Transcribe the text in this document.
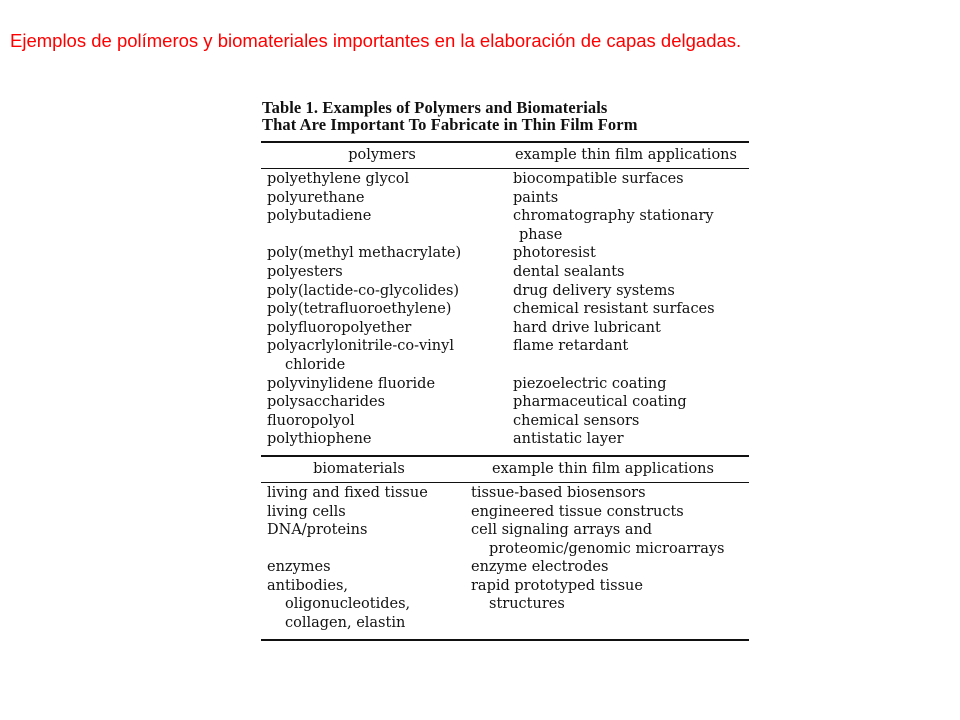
Ejemplos de polímeros y biomateriales importantes en la elaboración de capas delgadas.
Table 1. Examples of Polymers and Biomaterials
That Are Important To Fabricate in Thin Film Form
polymers	example thin film applications
polyethylene glycol
polyurethane
polybutadiene
poly(methyl methacrylate)
polyesters
poly(lactide-co-glycolides)
poly(tetrafluoroethylene)
polyfluoropolyether
polyacrlylonitrile-co-vinyl
chloride
polyvinylidene fluoride
polysaccharides
fluoropolyol
polythiophene
biocompatible surfaces
paints
chromatography stationary
phase
photoresist
dental sealants
drug delivery systems
chemical resistant surfaces
hard drive lubricant
flame retardant
piezoelectric coating
pharmaceutical coating
chemical sensors
antistatic layer
biomaterials	example thin film applications
living and fixed tissue
living cells
DNA/proteins
enzymes
antibodies,
oligonucleotides,
collagen, elastin
tissue-based biosensors
engineered tissue constructs
cell signaling arrays and
proteomic/genomic microarrays
enzyme electrodes
rapid prototyped tissue
structures
